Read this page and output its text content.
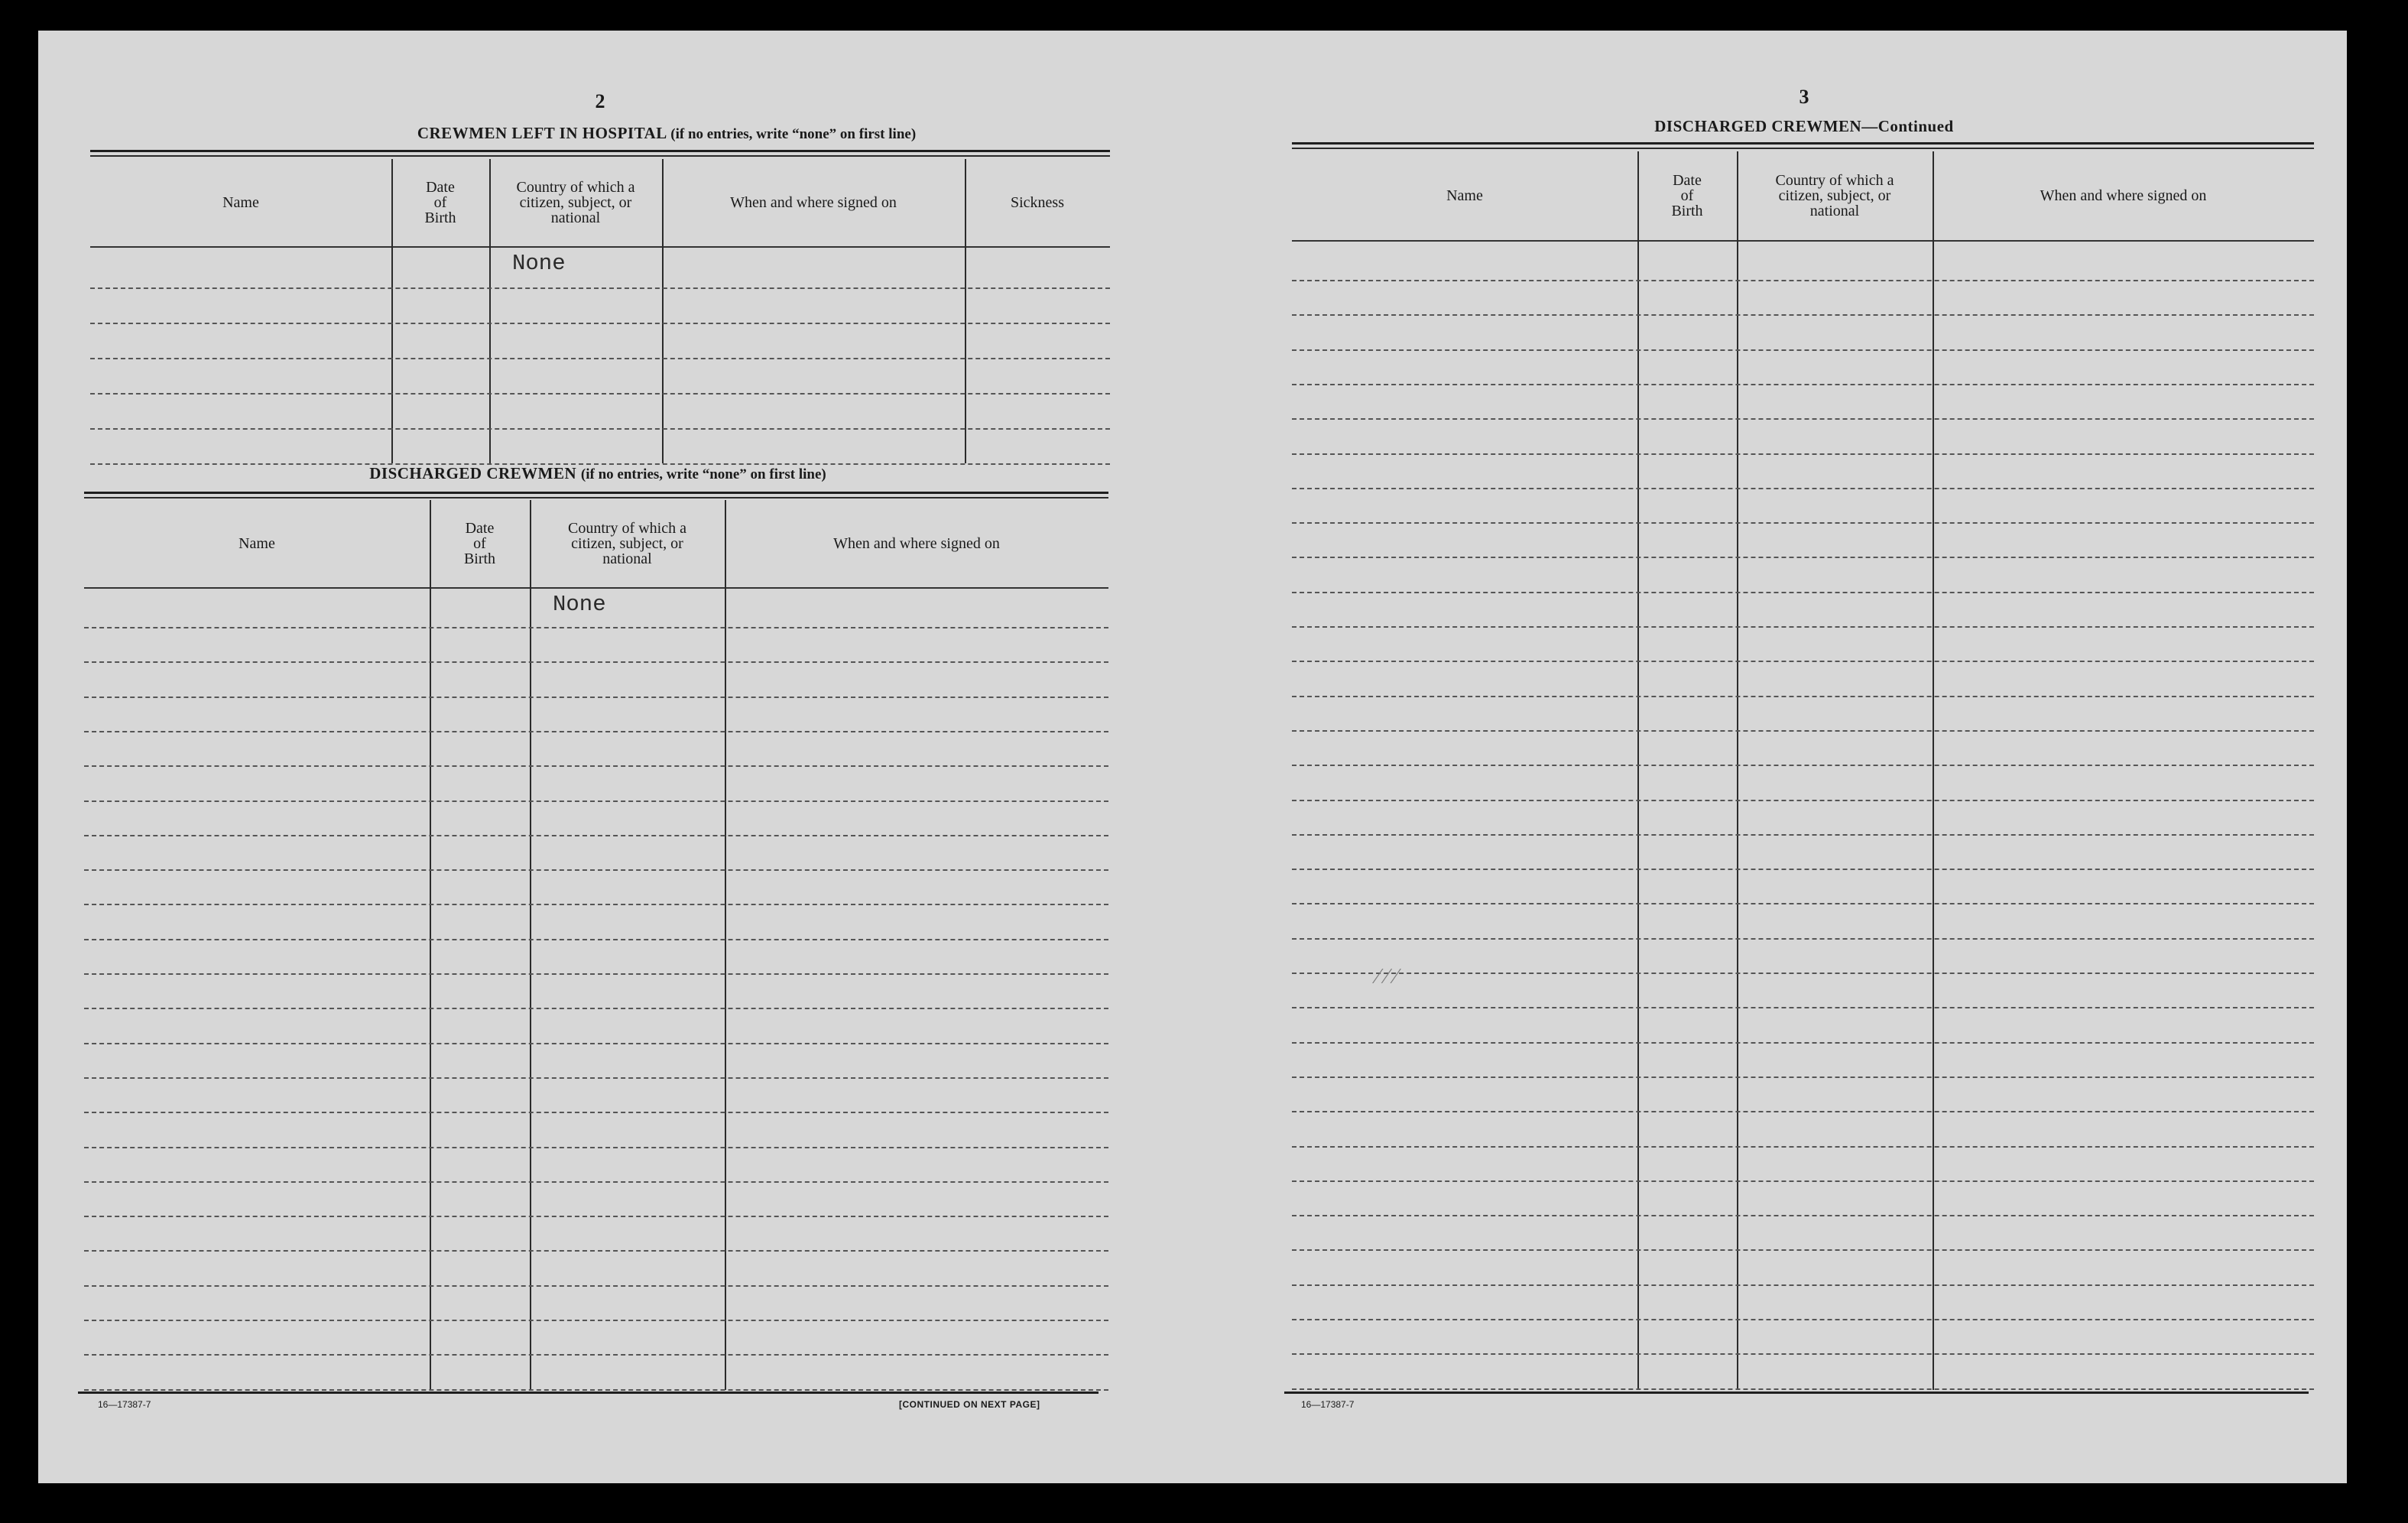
2
CREWMEN LEFT IN HOSPITAL (if no entries, write “none” on first line)
Name
Date
of
Birth
Country of which a
citizen, subject, or
national
When and where signed on	Sickness
None
DISCHARGED CREWMEN (if no entries, write “none” on first line)
Name
Date
of
Birth
Country of which a
citizen, subject, or
national
When and where signed on
None
16—17387-7	[CONTINUED ON NEXT PAGE]
3
DISCHARGED CREWMEN—Continued
Name
Date
of
Birth
Country of which a
citizen, subject, or
national
When and where signed on
⁄ ⁄ ⁄
16—17387-7
